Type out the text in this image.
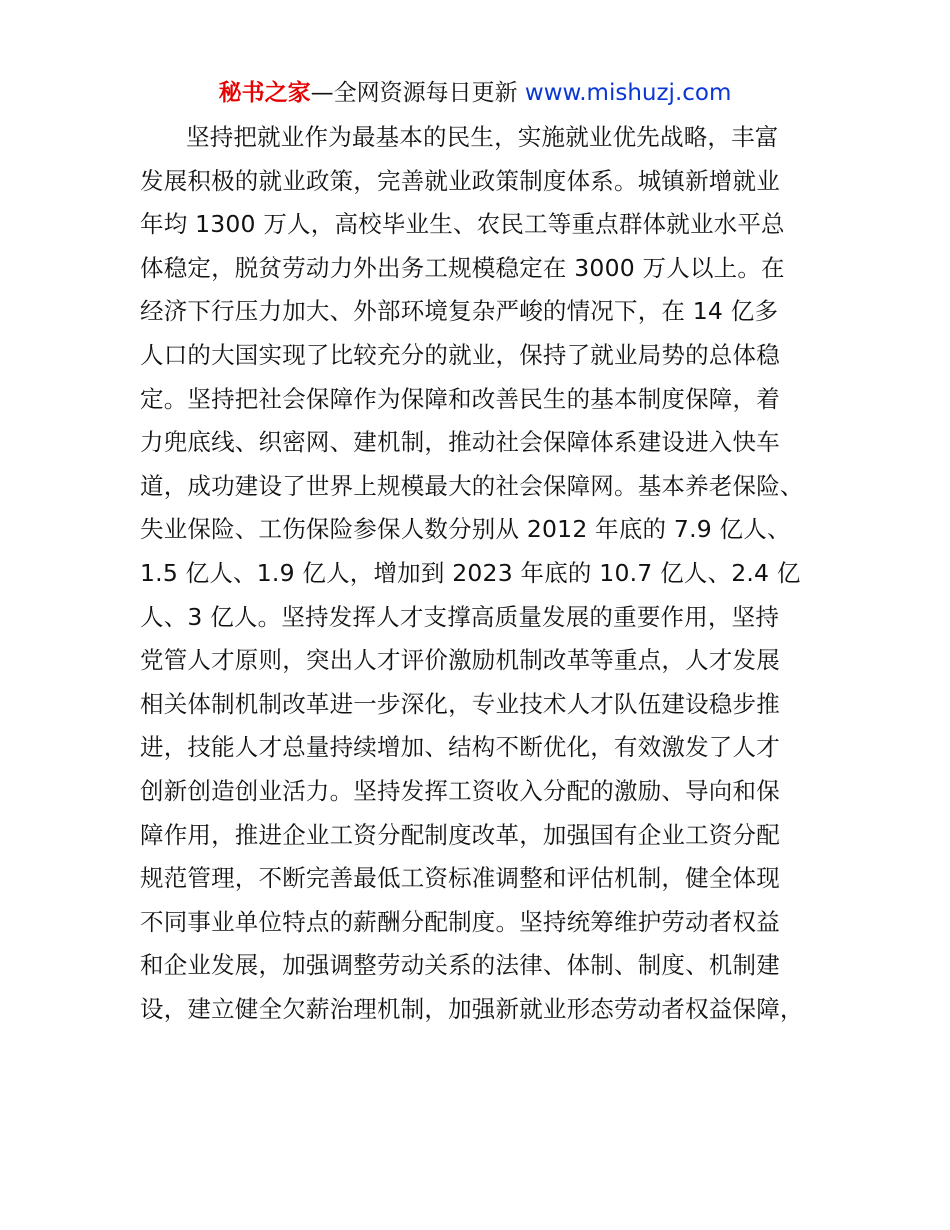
秘书之家—全网资源每日更新 www.mishuzj.com
坚持把就业作为最基本的民生，实施就业优先战略，丰富
发展积极的就业政策，完善就业政策制度体系。城镇新增就业
年均 1300 万人，高校毕业生、农民工等重点群体就业水平总
体稳定，脱贫劳动力外出务工规模稳定在 3000 万人以上。在
经济下行压力加大、外部环境复杂严峻的情况下，在 14 亿多
人口的大国实现了比较充分的就业，保持了就业局势的总体稳
定。坚持把社会保障作为保障和改善民生的基本制度保障，着
力兜底线、织密网、建机制，推动社会保障体系建设进入快车
道，成功建设了世界上规模最大的社会保障网。基本养老保险、
失业保险、工伤保险参保人数分别从 2012 年底的 7.9 亿人、
1.5 亿人、1.9 亿人，增加到 2023 年底的 10.7 亿人、2.4 亿
人、3 亿人。坚持发挥人才支撑高质量发展的重要作用，坚持
党管人才原则，突出人才评价激励机制改革等重点，人才发展
相关体制机制改革进一步深化，专业技术人才队伍建设稳步推
进，技能人才总量持续增加、结构不断优化，有效激发了人才
创新创造创业活力。坚持发挥工资收入分配的激励、导向和保
障作用，推进企业工资分配制度改革，加强国有企业工资分配
规范管理，不断完善最低工资标准调整和评估机制，健全体现
不同事业单位特点的薪酬分配制度。坚持统筹维护劳动者权益
和企业发展，加强调整劳动关系的法律、体制、制度、机制建
设，建立健全欠薪治理机制，加强新就业形态劳动者权益保障，
